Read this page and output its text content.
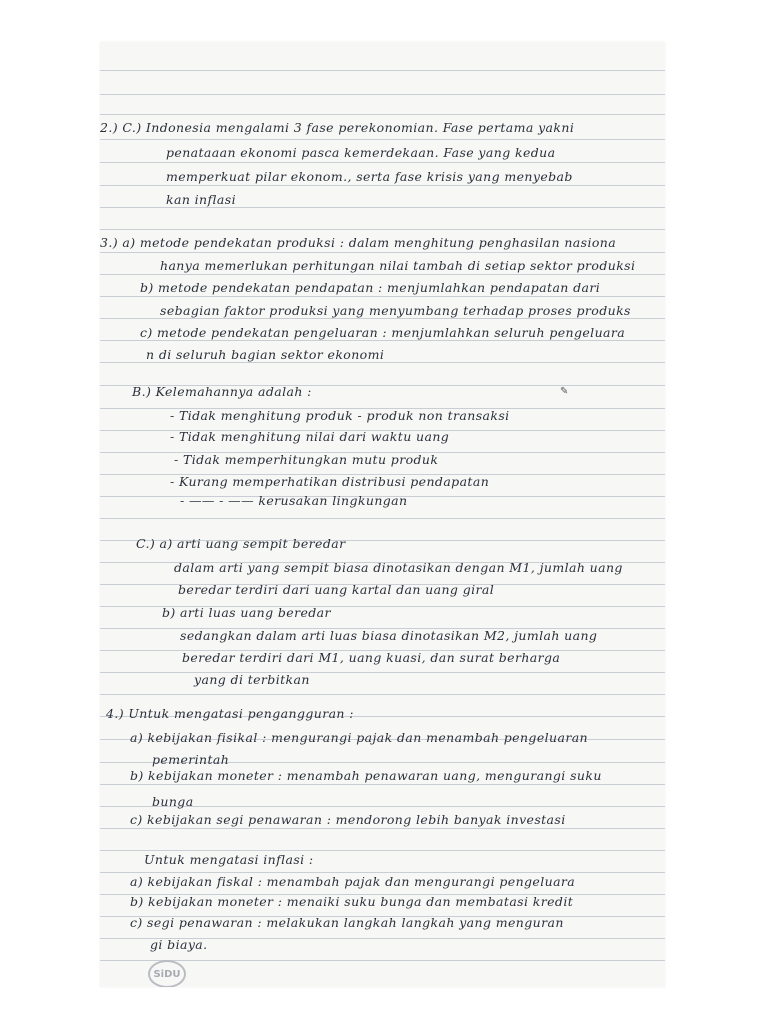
2.) C.) Indonesia mengalami 3 fase perekonomian. Fase pertama yakni
penataaan ekonomi pasca kemerdekaan. Fase yang kedua
memperkuat pilar ekonom., serta fase krisis yang menyebab
kan inflasi
3.) a) metode pendekatan produksi : dalam menghitung penghasilan nasiona
hanya memerlukan perhitungan nilai tambah di setiap sektor produksi
b) metode pendekatan pendapatan : menjumlahkan pendapatan dari
sebagian faktor produksi yang menyumbang terhadap proses produks
c) metode pendekatan pengeluaran : menjumlahkan seluruh pengeluara
n di seluruh bagian sektor ekonomi
B.) Kelemahannya adalah :	✎
- Tidak menghitung produk - produk non transaksi
- Tidak menghitung nilai dari waktu uang
- Tidak memperhitungkan mutu produk
- Kurang memperhatikan distribusi pendapatan
- —— - —— kerusakan lingkungan
C.) a) arti uang sempit beredar
dalam arti yang sempit biasa dinotasikan dengan M1, jumlah uang
beredar terdiri dari uang kartal dan uang giral
b) arti luas uang beredar
sedangkan dalam arti luas biasa dinotasikan M2, jumlah uang
beredar terdiri dari M1, uang kuasi, dan surat berharga
yang di terbitkan
4.) Untuk mengatasi pengangguran :
a) kebijakan fisikal : mengurangi pajak dan menambah pengeluaran
pemerintah
b) kebijakan moneter : menambah penawaran uang, mengurangi suku
bunga
c) kebijakan segi penawaran : mendorong lebih banyak investasi
Untuk mengatasi inflasi :
a) kebijakan fiskal : menambah pajak dan mengurangi pengeluara
b) kebijakan moneter : menaiki suku bunga dan membatasi kredit
c) segi penawaran : melakukan langkah langkah yang menguran
gi biaya.
SiDU
